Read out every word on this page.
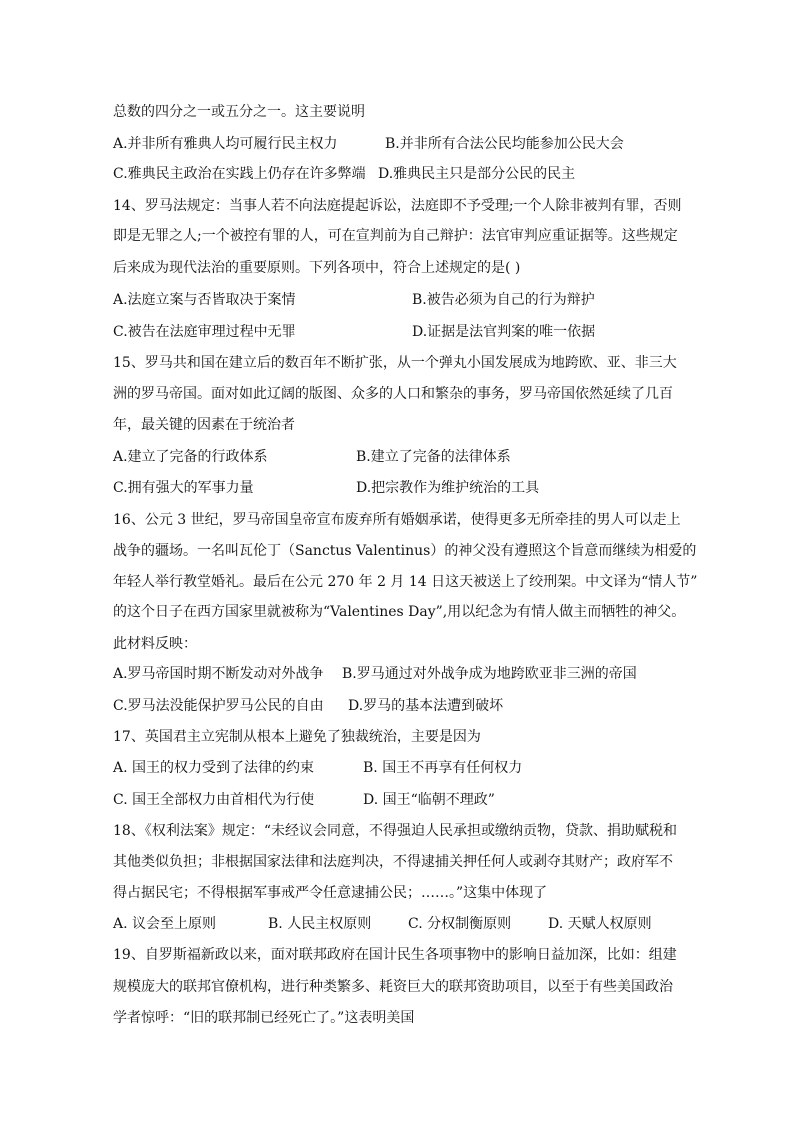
总数的四分之一或五分之一。这主要说明
A.并非所有雅典人均可履行民主权力	B.并非所有合法公民均能参加公民大会
C.雅典民主政治在实践上仍存在许多弊端 D.雅典民主只是部分公民的民主
14、罗马法规定：当事人若不向法庭提起诉讼，法庭即不予受理;一个人除非被判有罪，否则
即是无罪之人;一个被控有罪的人，可在宣判前为自己辩护：法官审判应重证据等。这些规定
后来成为现代法治的重要原则。下列各项中，符合上述规定的是( )
A.法庭立案与否皆取决于案情	B.被告必须为自己的行为辩护
C.被告在法庭审理过程中无罪	D.证据是法官判案的唯一依据
15、罗马共和国在建立后的数百年不断扩张，从一个弹丸小国发展成为地跨欧、亚、非三大
洲的罗马帝国。面对如此辽阔的版图、众多的人口和繁杂的事务，罗马帝国依然延续了几百
年，最关键的因素在于统治者
A.建立了完备的行政体系	B.建立了完备的法律体系
C.拥有强大的军事力量	D.把宗教作为维护统治的工具
16、公元 3 世纪，罗马帝国皇帝宣布废弃所有婚姻承诺，使得更多无所牵挂的男人可以走上
战争的疆场。一名叫瓦伦丁（Sanctus Valentinus）的神父没有遵照这个旨意而继续为相爱的
年轻人举行教堂婚礼。最后在公元 270 年 2 月 14 日这天被送上了绞刑架。中文译为“情人节”
的这个日子在西方国家里就被称为“Valentines Day”,用以纪念为有情人做主而牺牲的神父。
此材料反映：
A.罗马帝国时期不断发动对外战争 B.罗马通过对外战争成为地跨欧亚非三洲的帝国
C.罗马法没能保护罗马公民的自由 D.罗马的基本法遭到破坏
17、英国君主立宪制从根本上避免了独裁统治，主要是因为
A. 国王的权力受到了法律的约束	B. 国王不再享有任何权力
C. 国王全部权力由首相代为行使	D. 国王“临朝不理政”
18、《权利法案》规定：“未经议会同意，不得强迫人民承担或缴纳贡物，贷款、捐助赋税和
其他类似负担；非根据国家法律和法庭判决，不得逮捕关押任何人或剥夺其财产；政府军不
得占据民宅；不得根据军事戒严令任意逮捕公民；……。”这集中体现了
A. 议会至上原则	B. 人民主权原则	C. 分权制衡原则	D. 天赋人权原则
19、自罗斯福新政以来，面对联邦政府在国计民生各项事物中的影响日益加深，比如：组建
规模庞大的联邦官僚机构，进行种类繁多、耗资巨大的联邦资助项目，以至于有些美国政治
学者惊呼：“旧的联邦制已经死亡了。”这表明美国
